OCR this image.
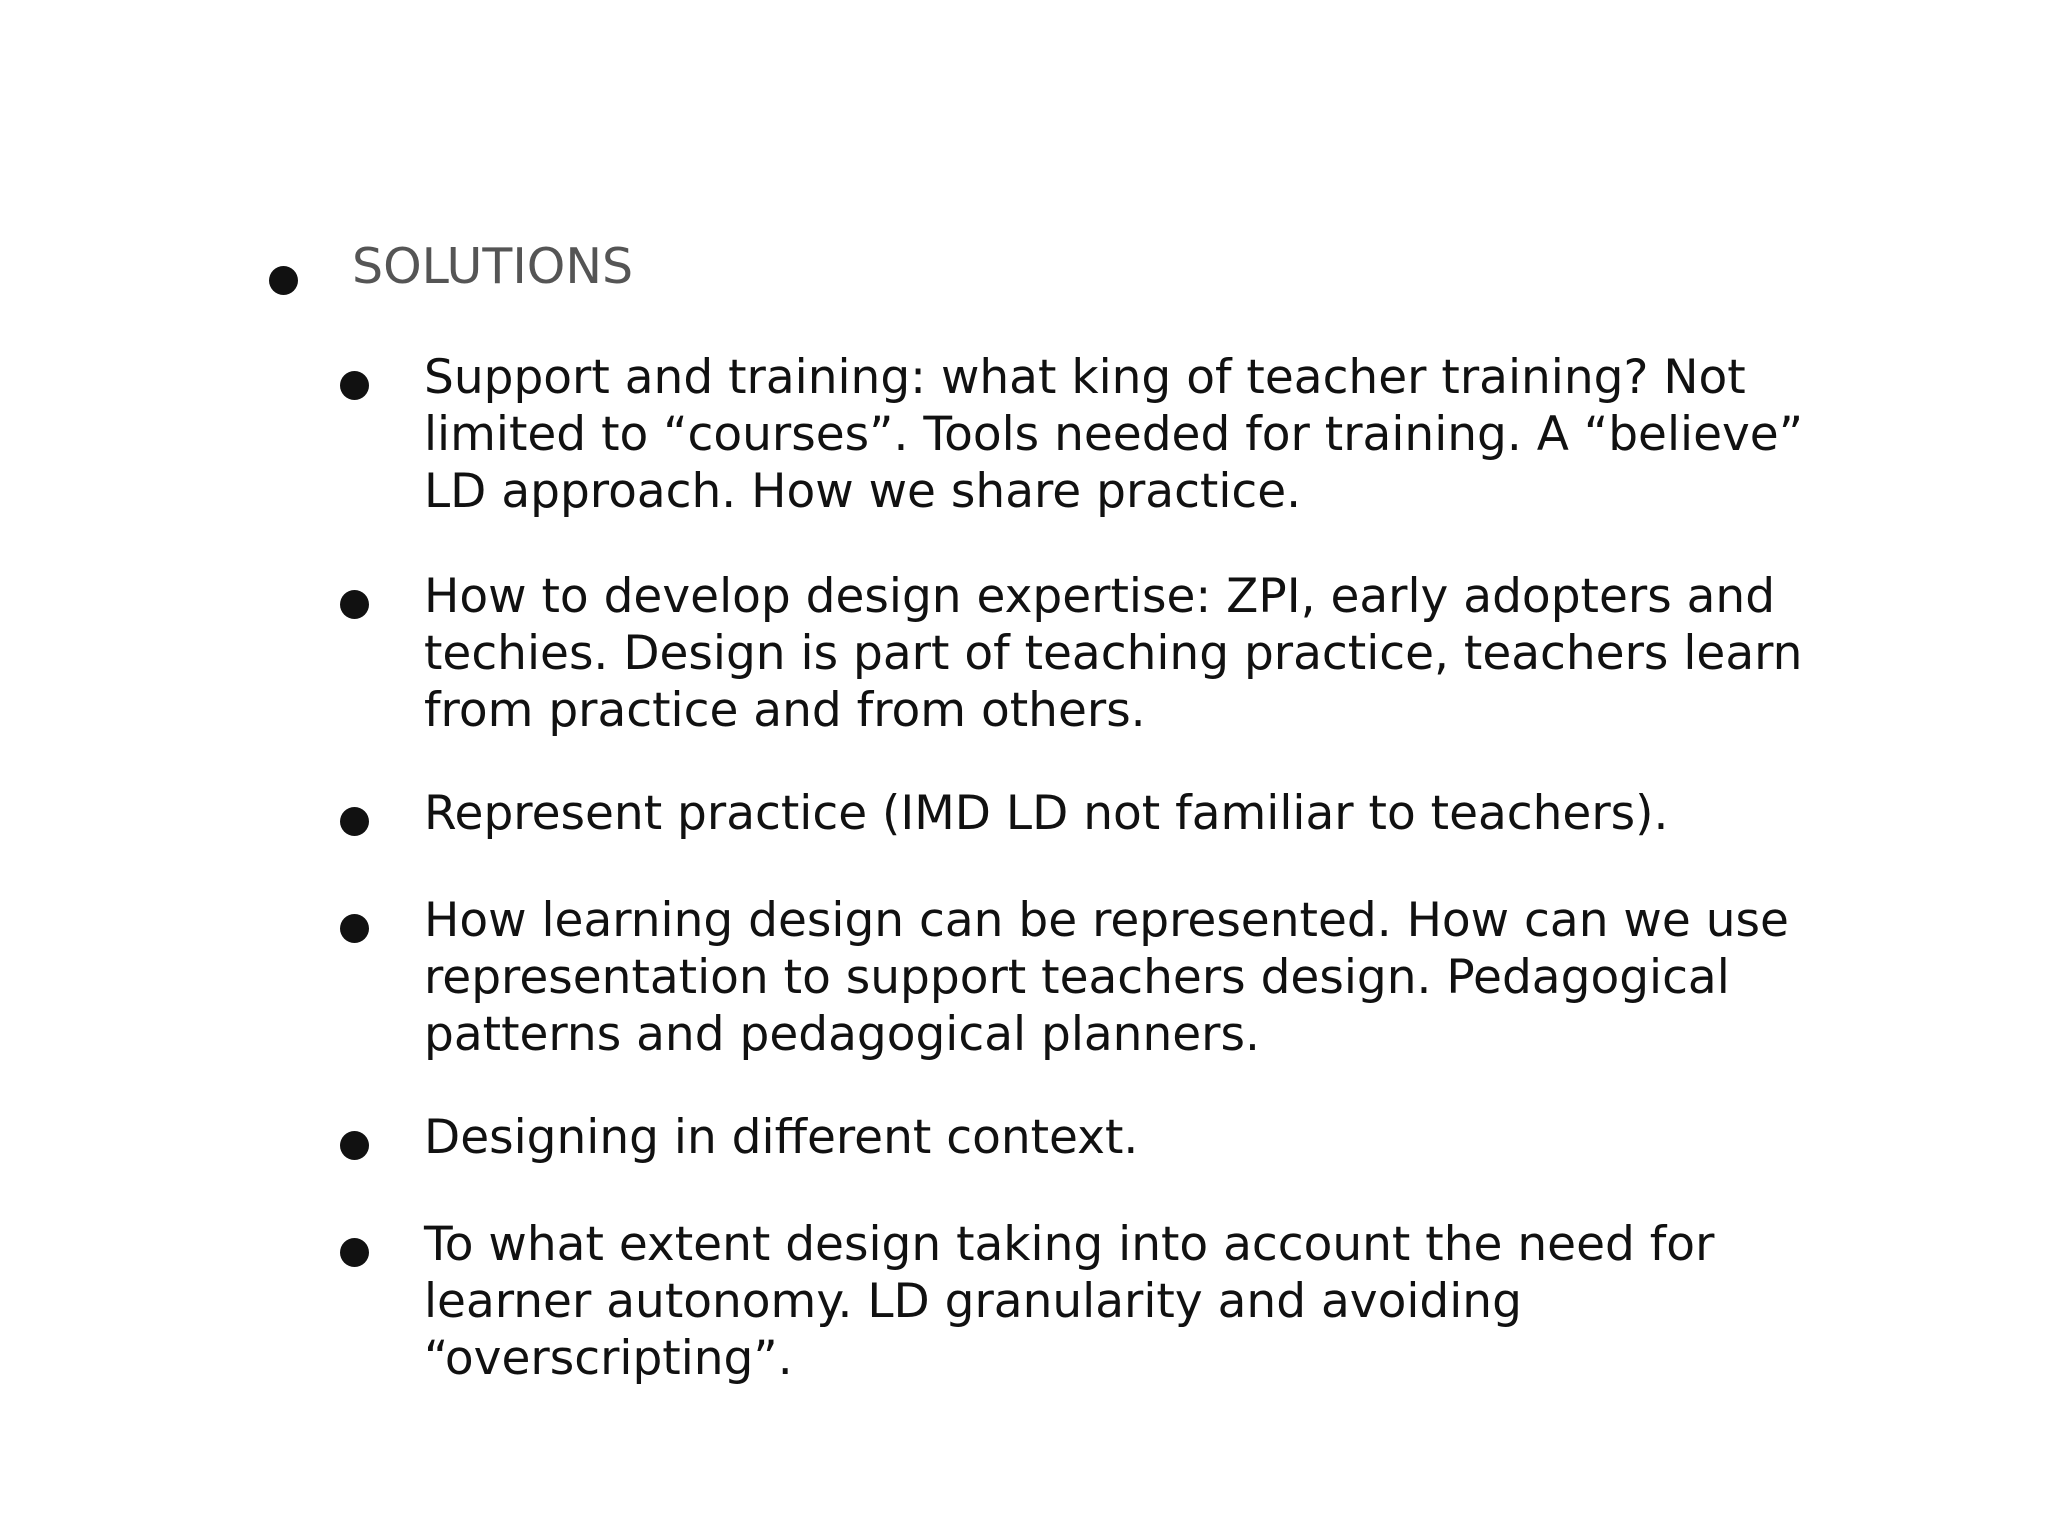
SOLUTIONS
Support and training: what king of teacher training? Not
limited to “courses”. Tools needed for training. A “believe”
LD approach. How we share practice.
How to develop design expertise: ZPI, early adopters and
techies. Design is part of teaching practice, teachers learn
from practice and from others.
Represent practice (IMD LD not familiar to teachers).
How learning design can be represented. How can we use
representation to support teachers design. Pedagogical
patterns and pedagogical planners.
Designing in different context.
To what extent design taking into account the need for
learner autonomy. LD granularity and avoiding
“overscripting”.
